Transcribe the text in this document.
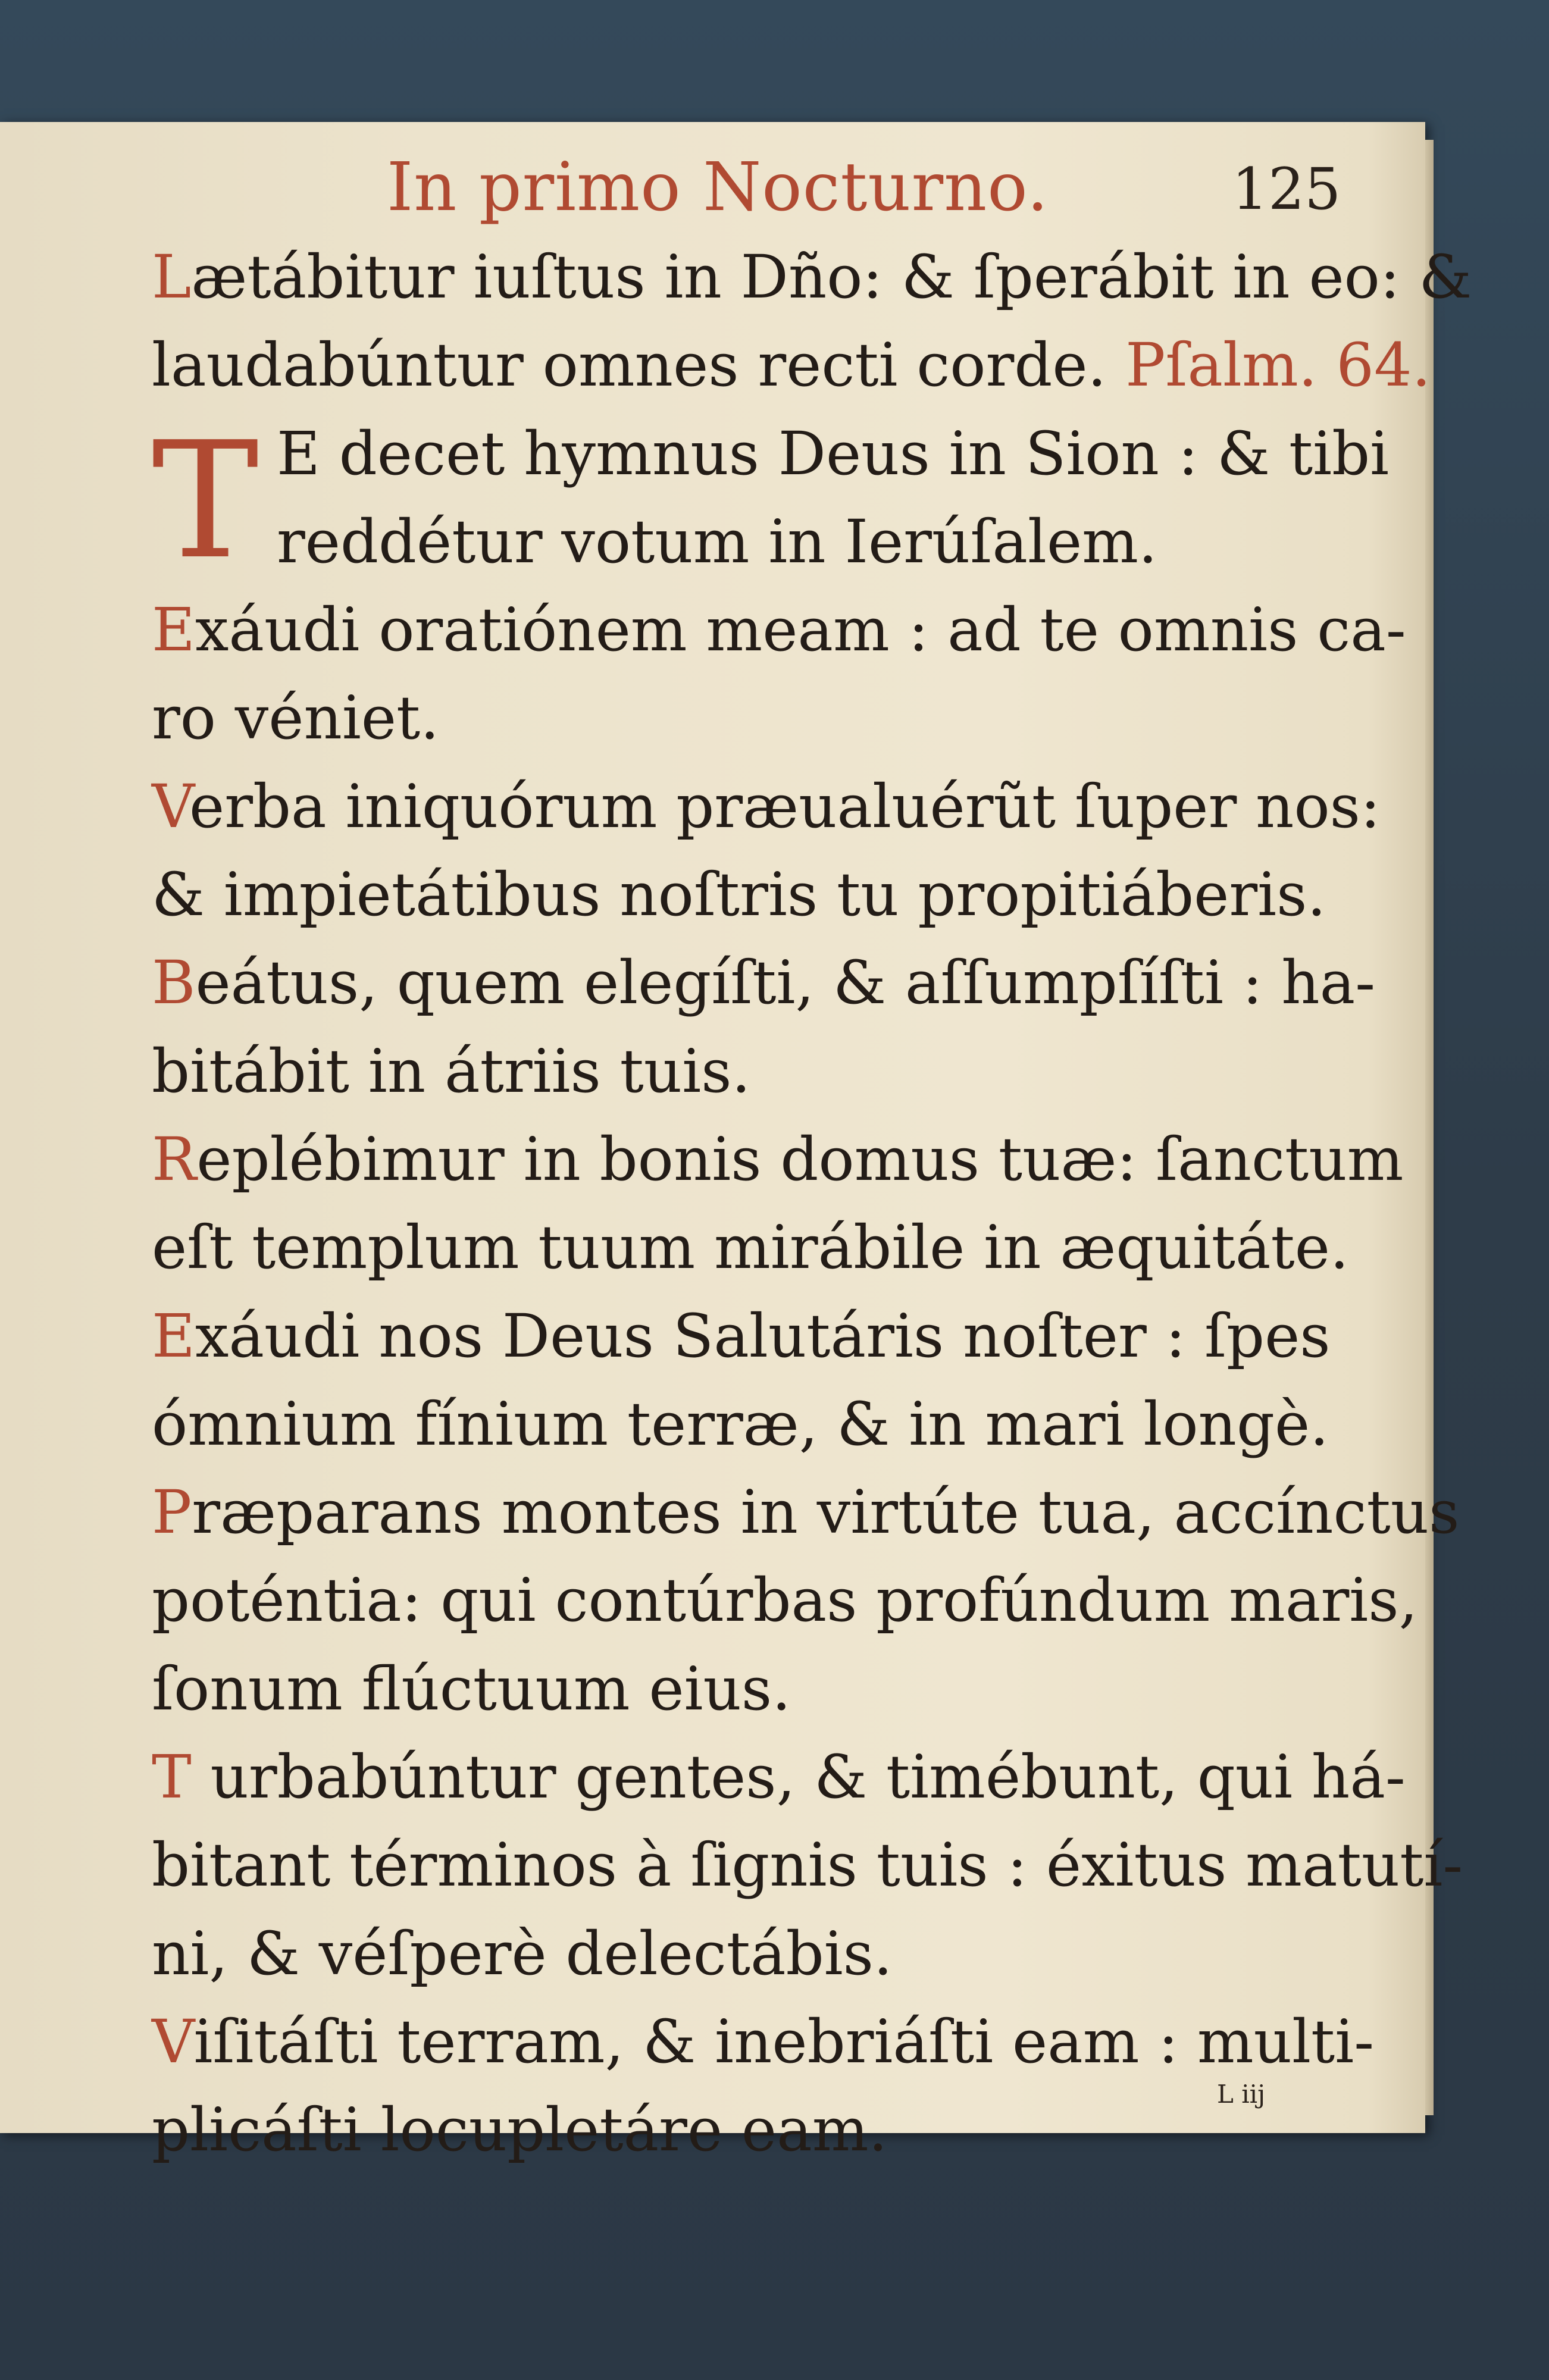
In primo Nocturno.	125
Lætábitur iuſtus in Dño: & ſperábit in eo: &
laudabúntur omnes recti corde. Pſalm. 64.
T E decet hymnus Deus in Sion : & tibi
reddétur votum in Ierúſalem.
Exáudi oratiónem meam : ad te omnis ca-
ro véniet.
Verba iniquórum præualuérũt ſuper nos:
& impietátibus noſtris tu propitiáberis.
Beátus, quem elegíſti, & aſſumpſíſti : ha-
bitábit in átriis tuis.
Replébimur in bonis domus tuæ: ſanctum
eſt templum tuum mirábile in æquitáte.
Exáudi nos Deus Salutáris noſter : ſpes
ómnium fínium terræ, & in mari longè.
Præparans montes in virtúte tua, accínctus
poténtia: qui contúrbas profúndum maris,
ſonum flúctuum eius.
T urbabúntur gentes, & timébunt, qui há-
bitant términos à ſignis tuis : éxitus matutí-
ni, & véſperè delectábis.
Viſitáſti terram, & inebriáſti eam : multi-
plicáſti locupletáre eam.
L iij
